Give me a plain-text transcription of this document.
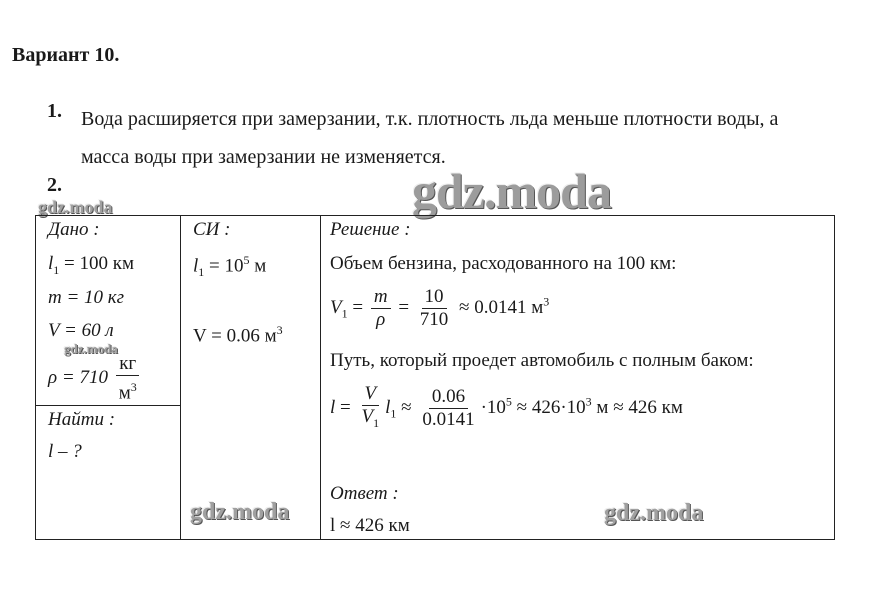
Вариант 10.
1. Вода расширяется при замерзании, т.к. плотность льда меньше плотности воды, а
масса воды при замерзании не изменяется.
2.	gdz.moda
gdz.moda
Дано :
$l_1 = 100$ км
m = 10 кг
V = 60 л
gdz.moda
$\rho = 710 \frac{кг}{м^3}$
Найти :
l – ?
СИ :
$l_1 = 10^5$ м
V = 0.06 $м^3$
gdz.moda
Решение :
Объем бензина, расходованного на 100 км:
$V_1 = \frac{m}{\rho} = \frac{10}{710} \approx 0.0141$ $м^3$
Путь, который проедет автомобиль с полным баком:
$l = \frac{V}{V_1} l_1 \approx \frac{0.06}{0.0141} \cdot 10^5 \approx 426\cdot 10^3$ м ≈ 426 км
Ответ :
l ≈ 426 км	gdz.moda
